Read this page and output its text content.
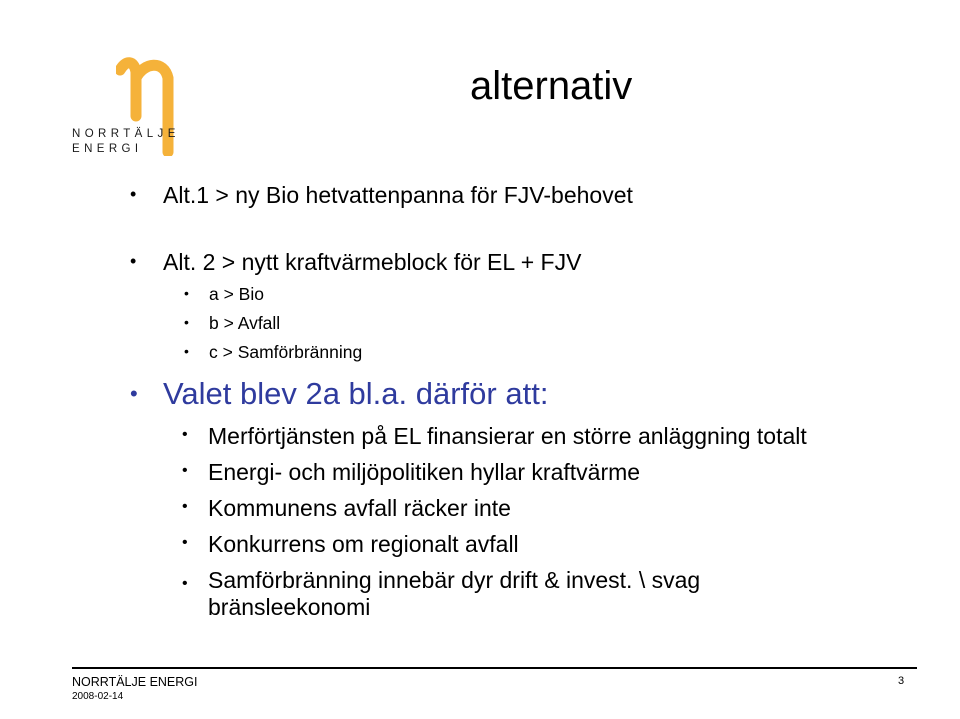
NORRTÄLJE
ENERGI
alternativ
• Alt.1 > ny Bio hetvattenpanna för FJV-behovet
• Alt. 2 > nytt kraftvärmeblock för EL + FJV
• a > Bio
• b > Avfall
• c > Samförbränning
• Valet blev 2a bl.a. därför att:
• Merförtjänsten på EL finansierar en större anläggning totalt
• Energi- och miljöpolitiken hyllar kraftvärme
• Kommunens avfall räcker inte
• Konkurrens om regionalt avfall
• Samförbränning innebär dyr drift & invest. \ svag bränsleekonomi
NORRTÄLJE ENERGI
2008-02-14
3
